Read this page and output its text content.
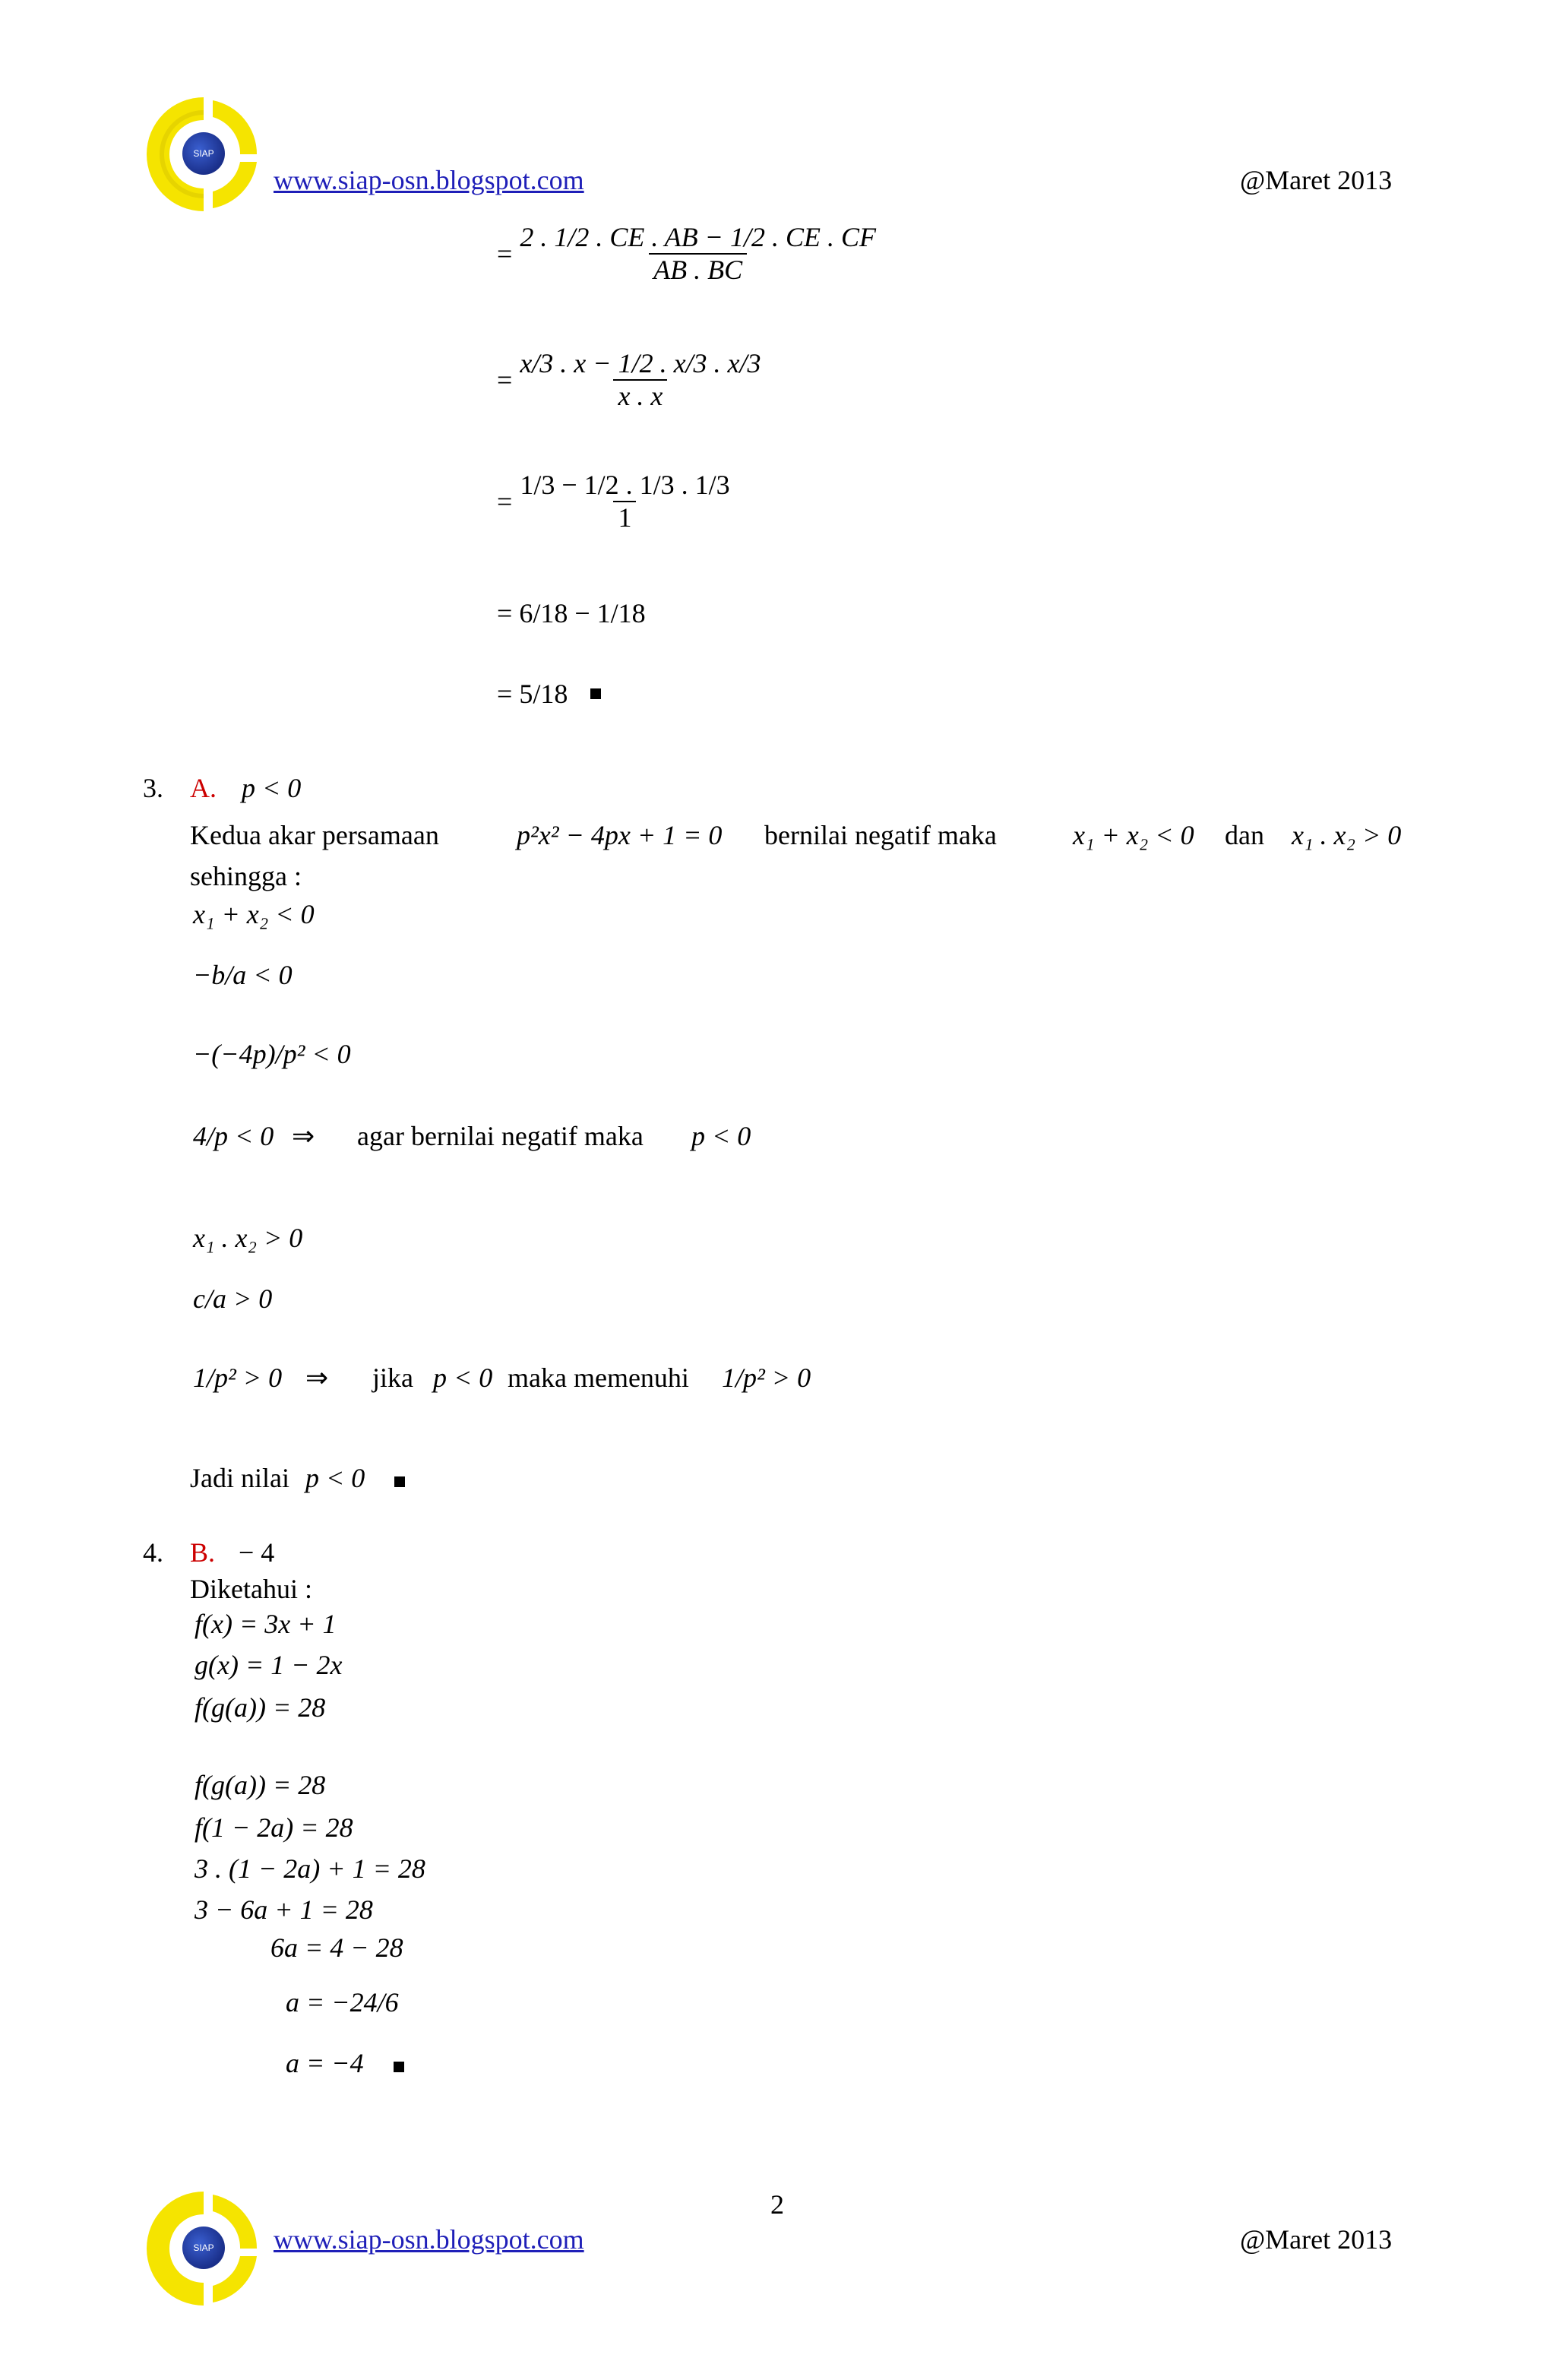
SIAP
www.siap-osn.blogspot.com	@Maret 2013
= $\frac{2 . 1/2 . CE . AB - 1/2 . CE . CF}{AB . BC}$
= $\frac{x/3 . x - 1/2 . x/3 . x/3}{x . x}$
= $\frac{1/3 - 1/2 . 1/3 . 1/3}{1}$
= 6/18 − 1/18
= 5/18
3. A. p < 0
Kedua akar persamaan	p²x² − 4px + 1 = 0 bernilai negatif maka	x₁ + x₂ < 0 dan x₁ . x₂ > 0
sehingga :
x₁ + x₂ < 0
−b/a < 0
−(−4p)/p² < 0
4/p < 0 ⇒ agar bernilai negatif maka p < 0
x₁ . x₂ > 0
c/a > 0
1/p² > 0 ⇒ jika p < 0 maka memenuhi 1/p² > 0
Jadi nilai p < 0
4. B. − 4
Diketahui :
f(x) = 3x + 1
g(x) = 1 − 2x
f(g(a)) = 28
f(g(a)) = 28
f(1 − 2a) = 28
3 . (1 − 2a) + 1 = 28
3 − 6a + 1 = 28
6a = 4 − 28
a = −24/6
a = −4
2
SIAP	www.siap-osn.blogspot.com	@Maret 2013
